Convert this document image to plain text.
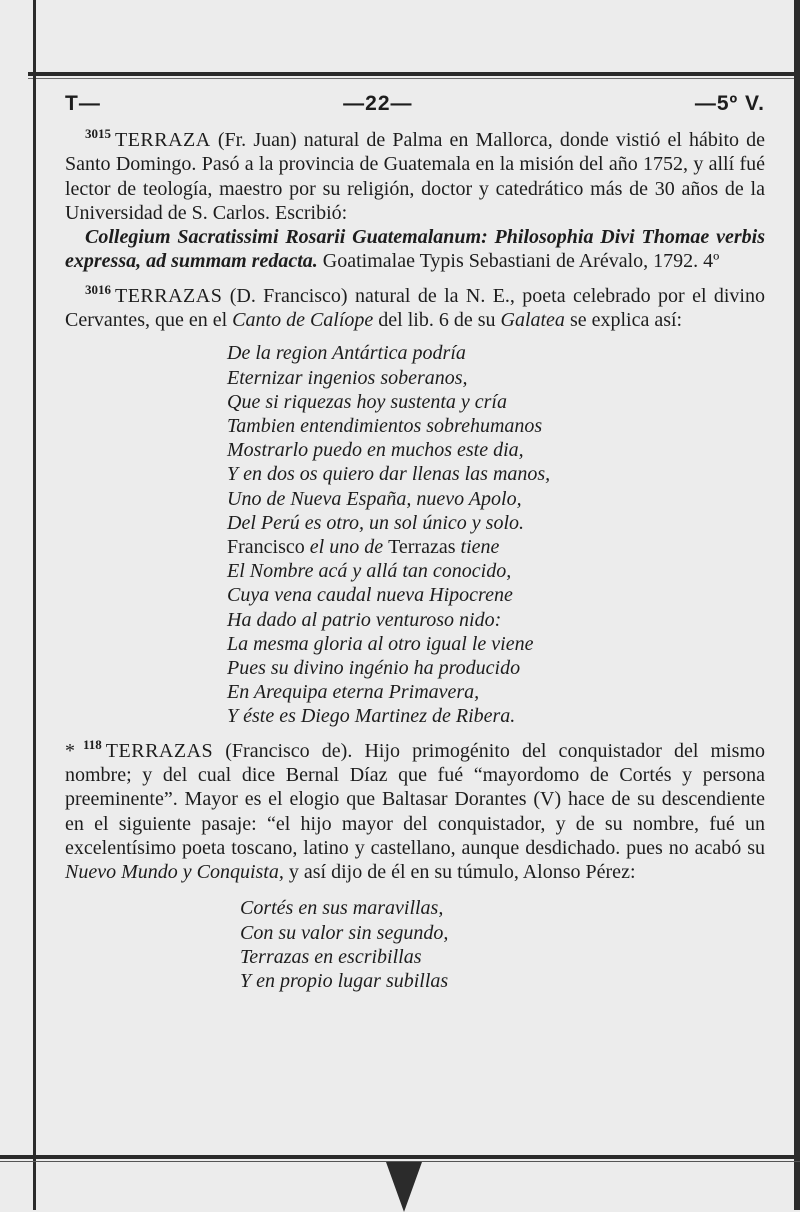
T—	—22—	—5º V.

$^{3015}$ TERRAZA (Fr. Juan) natural de Palma en Mallorca, donde vistió el hábito de Santo Domingo. Pasó a la provincia de Guatemala en la misión del año 1752, y allí fué lector de teología, maestro por su religión, doctor y catedrático más de 30 años de la Universidad de S. Carlos. Escribió:
Collegium Sacratissimi Rosarii Guatemalanum: Philosophia Divi Thomae verbis expressa, ad summam redacta. Goatimalae Typis Sebastiani de Arévalo, 1792. 4º

$^{3016}$ TERRAZAS (D. Francisco) natural de la N. E., poeta celebrado por el divino Cervantes, que en el Canto de Calíope del lib. 6 de su Galatea se explica así:

De la region Antártica podría
Eternizar ingenios soberanos,
Que si riquezas hoy sustenta y cría
Tambien entendimientos sobrehumanos
Mostrarlo puedo en muchos este dia,
Y en dos os quiero dar llenas las manos,
Uno de Nueva España, nuevo Apolo,
Del Perú es otro, un sol único y solo.
Francisco el uno de Terrazas tiene
El Nombre acá y allá tan conocido,
Cuya vena caudal nueva Hipocrene
Ha dado al patrio venturoso nido:
La mesma gloria al otro igual le viene
Pues su divino ingénio ha producido
En Arequipa eterna Primavera,
Y éste es Diego Martinez de Ribera.

* $^{118}$ TERRAZAS (Francisco de). Hijo primogénito del conquistador del mismo nombre; y del cual dice Bernal Díaz que fué “mayordomo de Cortés y persona preeminente”. Mayor es el elogio que Baltasar Dorantes (V) hace de su descendiente en el siguiente pasaje: “el hijo mayor del conquistador, y de su nombre, fué un excelentísimo poeta toscano, latino y castellano, aunque desdichado. pues no acabó su Nuevo Mundo y Conquista, y así dijo de él en su túmulo, Alonso Pérez:

Cortés en sus maravillas,
Con su valor sin segundo,
Terrazas en escribillas
Y en propio lugar subillas
